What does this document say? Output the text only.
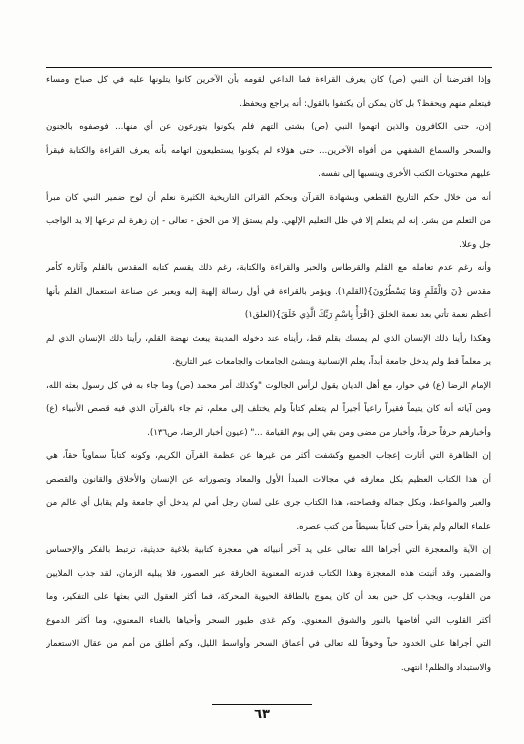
وإذا افترضنا أن النبي (ص) كان يعرف القراءة فما الداعي لقومه بأن الآخرين كانوا يتلونها عليه في كل صباح ومساء
فيتعلم منهم ويحفظ؟ بل كان يمكن أن يكتفوا بالقول: أنه يراجع ويحفظ.
إذن، حتى الكافرون والذين اتهموا النبي (ص) بشتى التهم فلم يكونوا يتورعون عن أي منها... فوصفوه بالجنون
والسحر والسماع الشفهي من أفواه الآخرين... حتى هؤلاء لم يكونوا يستطيعون اتهامه بأنه يعرف القراءة والكتابة فيقرأ
عليهم محتويات الكتب الأخرى وينسبها إلى نفسه.
أنه من خلال حكم التاريخ القطعي وبشهادة القرآن وبحكم القرائن التاريخية الكثيرة نعلم أن لوح ضمير النبي كان مبرأ
من التعلم من بشر. إنه لم يتعلم إلا في ظل التعليم الإلهي. ولم يستق إلا من الحق - تعالى - إن زهرة لم ترعها إلا يد الواجب
جل وعلا.
وأنه رغم عدم تعامله مع القلم والقرطاس والحبر والقراءة والكتابة، رغم ذلك يقسم كتابه المقدس بالقلم وآثاره كأمر
مقدس {نٓ وَالْقَلَمِ وَمَا يَسْطُرُونَ}(القلم١). ويؤمر بالقراءة في أول رسالة إلهية إليه ويعبر عن صناعة استعمال القلم بأنها
أعظم نعمة تأتي بعد نعمة الخلق {اقْرَأْ بِاسْمِ رَبِّكَ الَّذِي خَلَقَ}(العلق١)
وهكذا رأينا ذلك الإنسان الذي لم يمسك بقلم قط، رأيناه عند دخوله المدينة يبعث نهضة القلم، رأينا ذلك الإنسان الذي لم
ير معلماً قط ولم يدخل جامعة أبداً، يعلم الإنسانية وينشئ الجامعات والجامعات عبر التاريخ.
الإمام الرضا (ع) في حوار، مع أهل الديان يقول لرأس الجالوت "وكذلك أمر محمد (ص) وما جاء به في كل رسول بعثه الله،
ومن آياته أنه كان يتيماً فقيراً راعياً أجيراً لم يتعلم كتاباً ولم يختلف إلى معلم، ثم جاء بالقرآن الذي فيه قصص الأنبياء (ع)
وأخبارهم حرفاً حرفاً، وأخبار من مضى ومن بقي إلى يوم القيامة ..." (عيون أخبار الرضا، ص١٣٦).
إن الظاهرة التي أثارت إعجاب الجميع وكشفت أكثر من غيرها عن عظمة القرآن الكريم، وكونه كتاباً سماوياً حقاً، هي
أن هذا الكتاب العظيم بكل معارفه في مجالات المبدأ الأول والمعاد وتصوراته عن الإنسان والأخلاق والقانون والقصص
والعبر والمواعظ، وبكل جماله وفصاحته، هذا الكتاب جرى على لسان رجل أمي لم يدخل أي جامعة ولم يقابل أي عالم من
علماء العالم ولم يقرأ حتى كتاباً بسيطاً من كتب عصره.
إن الآية والمعجزة التي أجراها الله تعالى على يد آخر أنبيائه هي معجزة كتابية بلاغية حديثية، ترتبط بالفكر والإحساس
والضمير، وقد أثبتت هذه المعجزة وهذا الكتاب قدرته المعنوية الخارقة عبر العصور، فلا يبليه الزمان، لقد جذب الملايين
من القلوب، ويجذب كل حين بعد أن كان يموج بالطاقة الحيوية المحركة، فما أكثر العقول التي بعثها على التفكير، وما
أكثر القلوب التي أفاضها بالنور والشوق المعنوي. وكم غذى طيور السحر وأحياها بالغناء المعنوي، وما أكثر الدموع
التي أجراها على الخدود حباً وخوفاً لله تعالى في أعماق السحر وأواسط الليل، وكم أطلق من أمم من عقال الاستعمار
والاستبداد والظلم! انتهى.
٦٣
